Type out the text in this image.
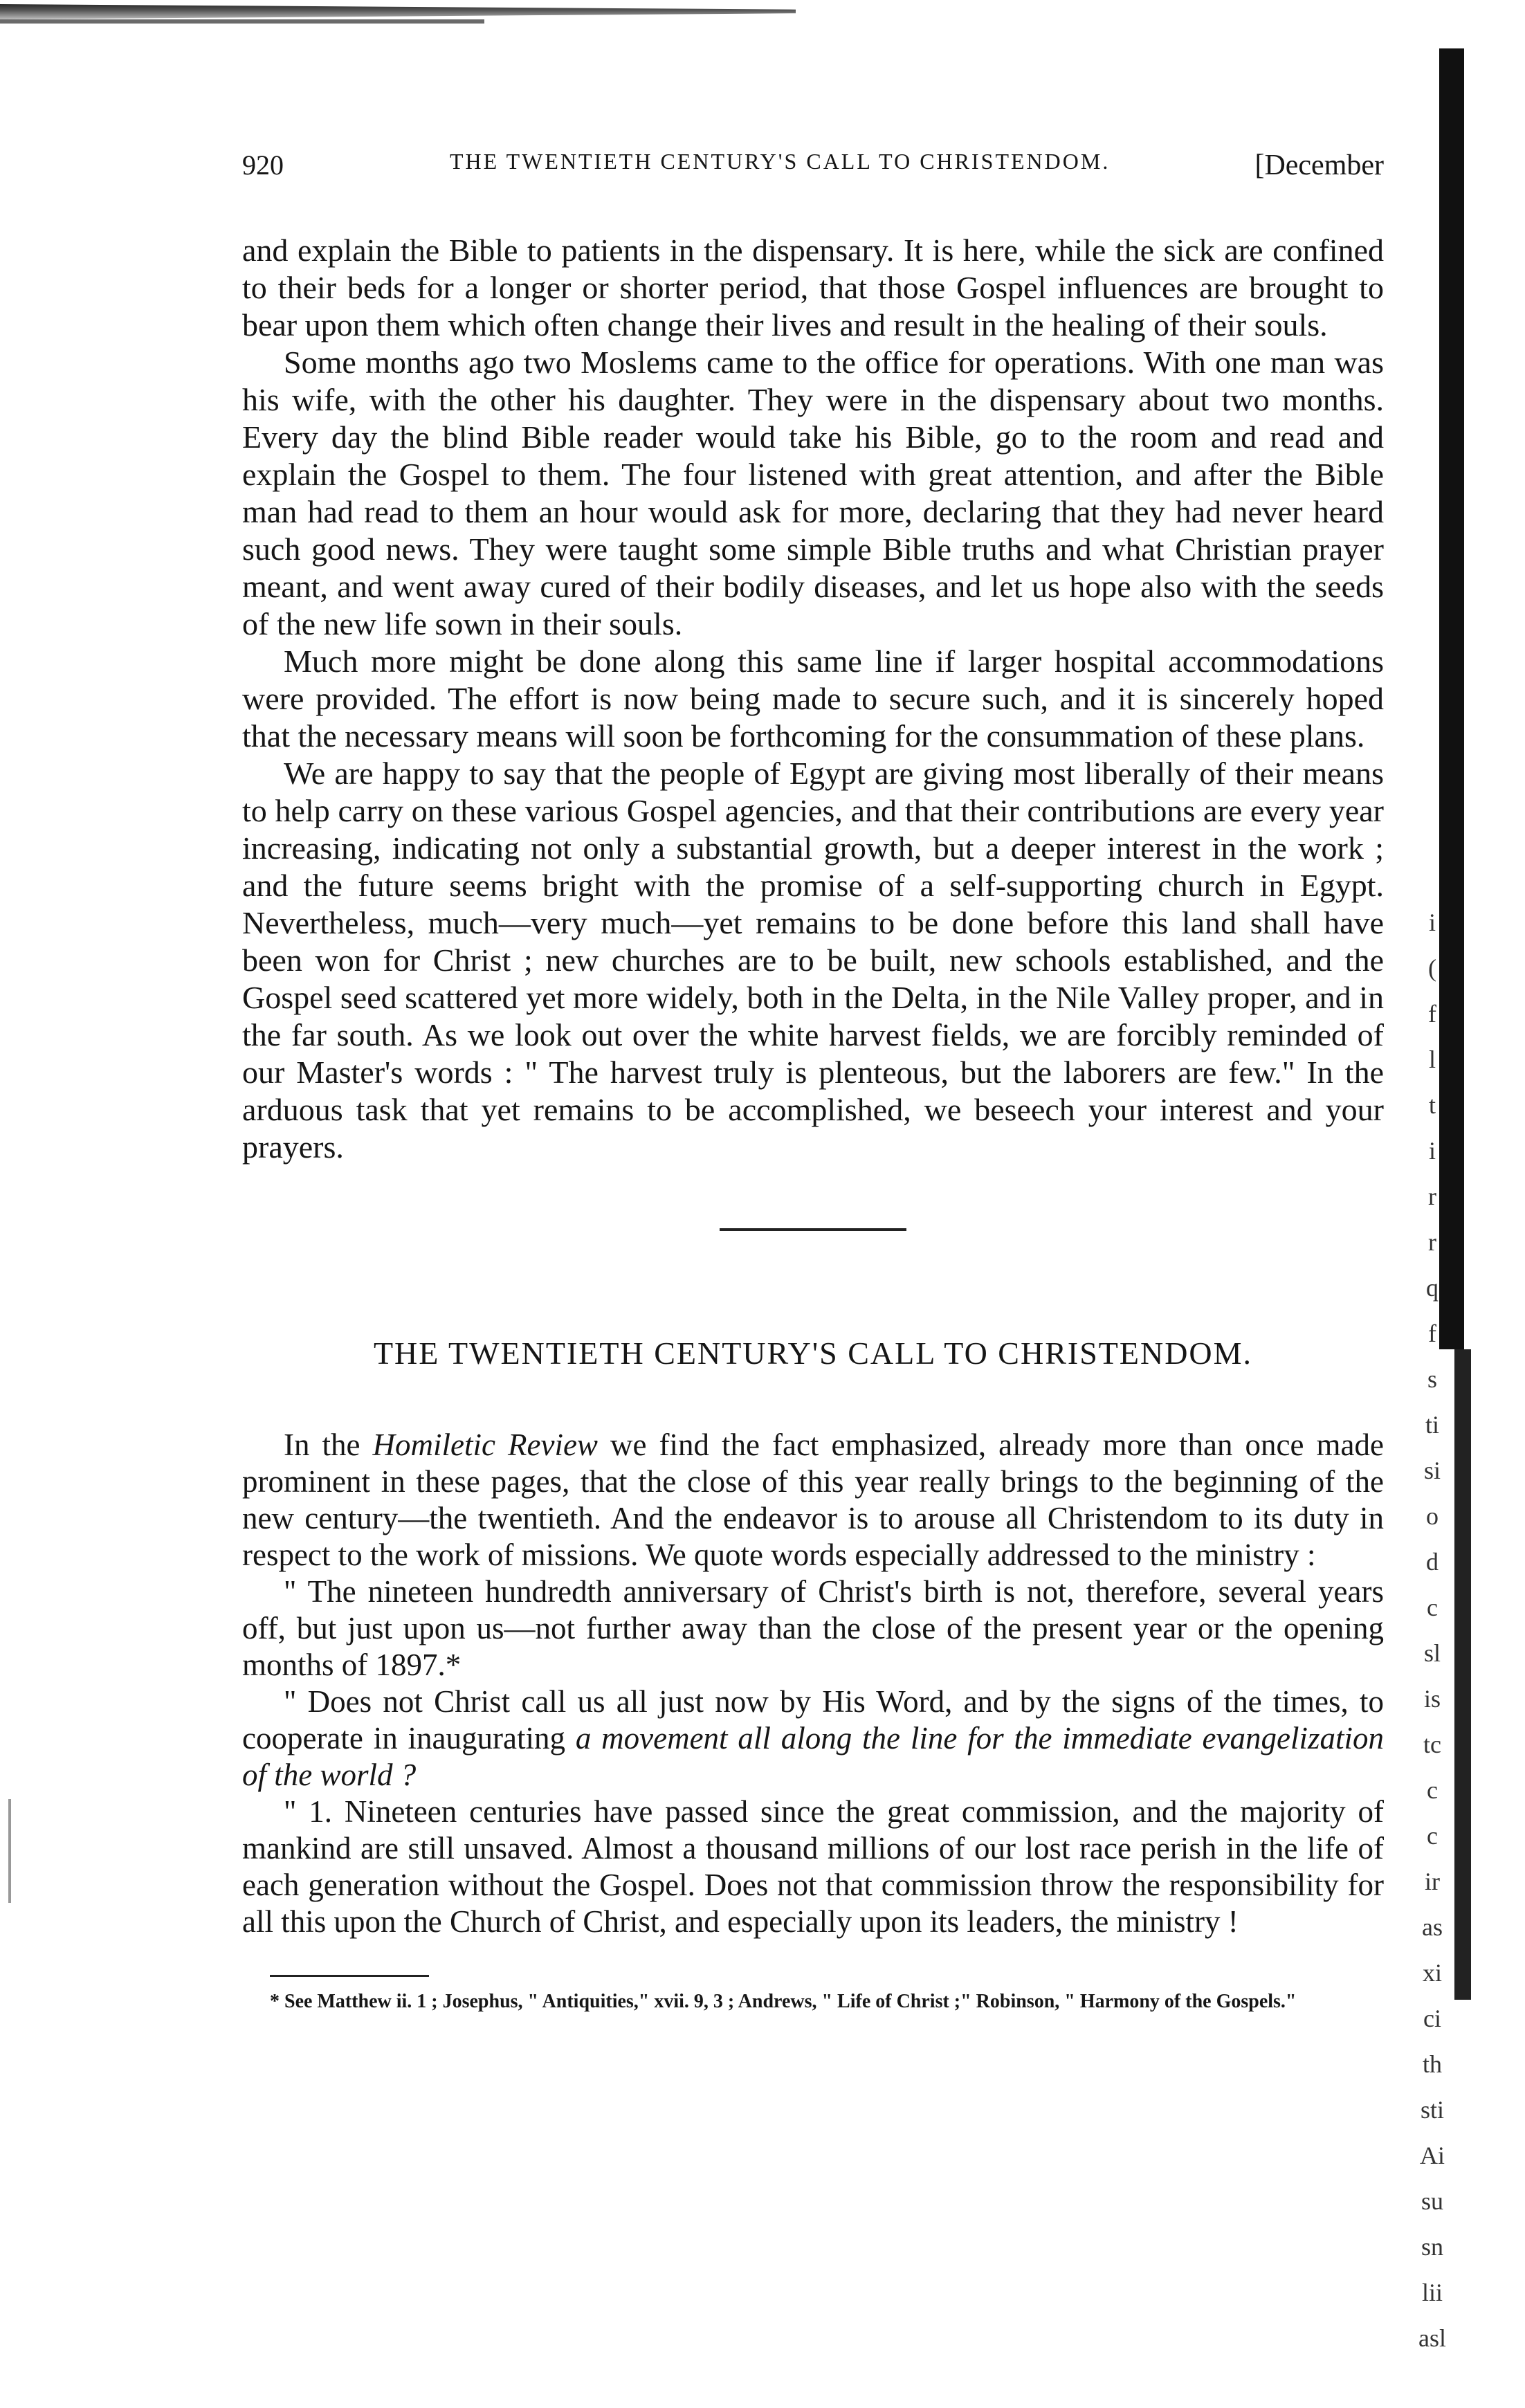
i
(
f
l
t
i
r
r
q
f
s
ti
si
o
d
c
sl
is
tc
c
c
ir
as
xi
ci
th
sti
Ai
su
sn
lii
asl
920	THE TWENTIETH CENTURY'S CALL TO CHRISTENDOM.	[December

and explain the Bible to patients in the dispensary. It is here, while the sick are confined to their beds for a longer or shorter period, that those Gospel influences are brought to bear upon them which often change their lives and result in the healing of their souls.

Some months ago two Moslems came to the office for operations. With one man was his wife, with the other his daughter. They were in the dispensary about two months. Every day the blind Bible reader would take his Bible, go to the room and read and explain the Gospel to them. The four listened with great attention, and after the Bible man had read to them an hour would ask for more, declaring that they had never heard such good news. They were taught some simple Bible truths and what Christian prayer meant, and went away cured of their bodily diseases, and let us hope also with the seeds of the new life sown in their souls.

Much more might be done along this same line if larger hospital accommodations were provided. The effort is now being made to secure such, and it is sincerely hoped that the necessary means will soon be forthcoming for the consummation of these plans.

We are happy to say that the people of Egypt are giving most liberally of their means to help carry on these various Gospel agencies, and that their contributions are every year increasing, indicating not only a substantial growth, but a deeper interest in the work ; and the future seems bright with the promise of a self-supporting church in Egypt. Nevertheless, much—very much—yet remains to be done before this land shall have been won for Christ ; new churches are to be built, new schools established, and the Gospel seed scattered yet more widely, both in the Delta, in the Nile Valley proper, and in the far south. As we look out over the white harvest fields, we are forcibly reminded of our Master's words : " The harvest truly is plenteous, but the laborers are few." In the arduous task that yet remains to be accomplished, we beseech your interest and your prayers.

THE TWENTIETH CENTURY'S CALL TO CHRISTENDOM.

In the Homiletic Review we find the fact emphasized, already more than once made prominent in these pages, that the close of this year really brings to the beginning of the new century—the twentieth. And the endeavor is to arouse all Christendom to its duty in respect to the work of missions. We quote words especially addressed to the ministry :

" The nineteen hundredth anniversary of Christ's birth is not, therefore, several years off, but just upon us—not further away than the close of the present year or the opening months of 1897.*

" Does not Christ call us all just now by His Word, and by the signs of the times, to cooperate in inaugurating a movement all along the line for the immediate evangelization of the world ?

" 1. Nineteen centuries have passed since the great commission, and the majority of mankind are still unsaved. Almost a thousand millions of our lost race perish in the life of each generation without the Gospel. Does not that commission throw the responsibility for all this upon the Church of Christ, and especially upon its leaders, the ministry !

* See Matthew ii. 1 ; Josephus, " Antiquities," xvii. 9, 3 ; Andrews, " Life of Christ ;" Robinson, " Harmony of the Gospels."
